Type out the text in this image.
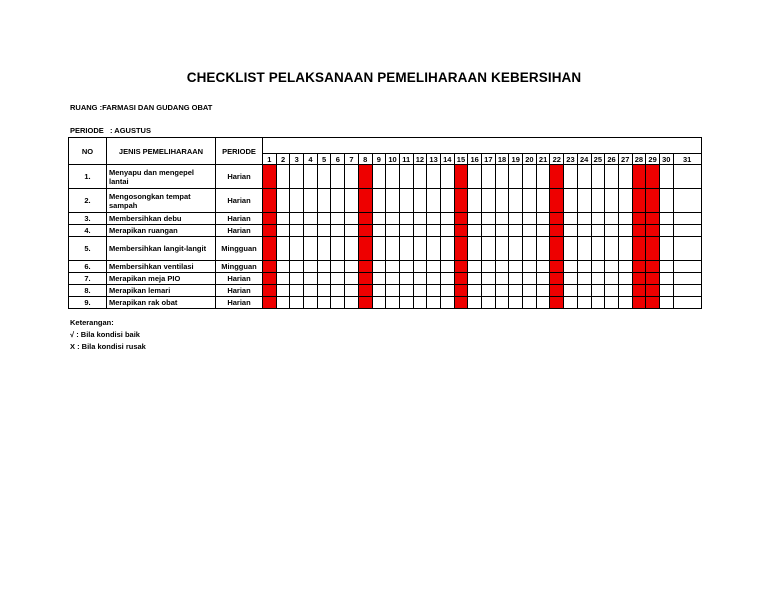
CHECKLIST PELAKSANAAN PEMELIHARAAN KEBERSIHAN
RUANG :FARMASI DAN GUDANG OBAT
PERIODE   : AGUSTUS
NO	JENIS PEMELIHARAAN	PERIODE																															
			1	2	3	4	5	6	7	8	9	10	11	12	13	14	15	16	17	18	19	20	21	22	23	24	25	26	27	28	29	30	31
1.	Menyapu dan mengepel lantai	Harian																															
2.	Mengosongkan tempat sampah	Harian																															
3.	Membersihkan debu	Harian																															
4.	Merapikan ruangan	Harian																															
5.	Membersihkan langit-langit	Mingguan																															
6.	Membersihkan ventilasi	Mingguan																															
7.	Merapikan meja PIO	Harian																															
8.	Merapikan lemari	Harian																															
9.	Merapikan rak obat	Harian																															
Keterangan:
√ : Bila kondisi baik
X : Bila kondisi rusak
